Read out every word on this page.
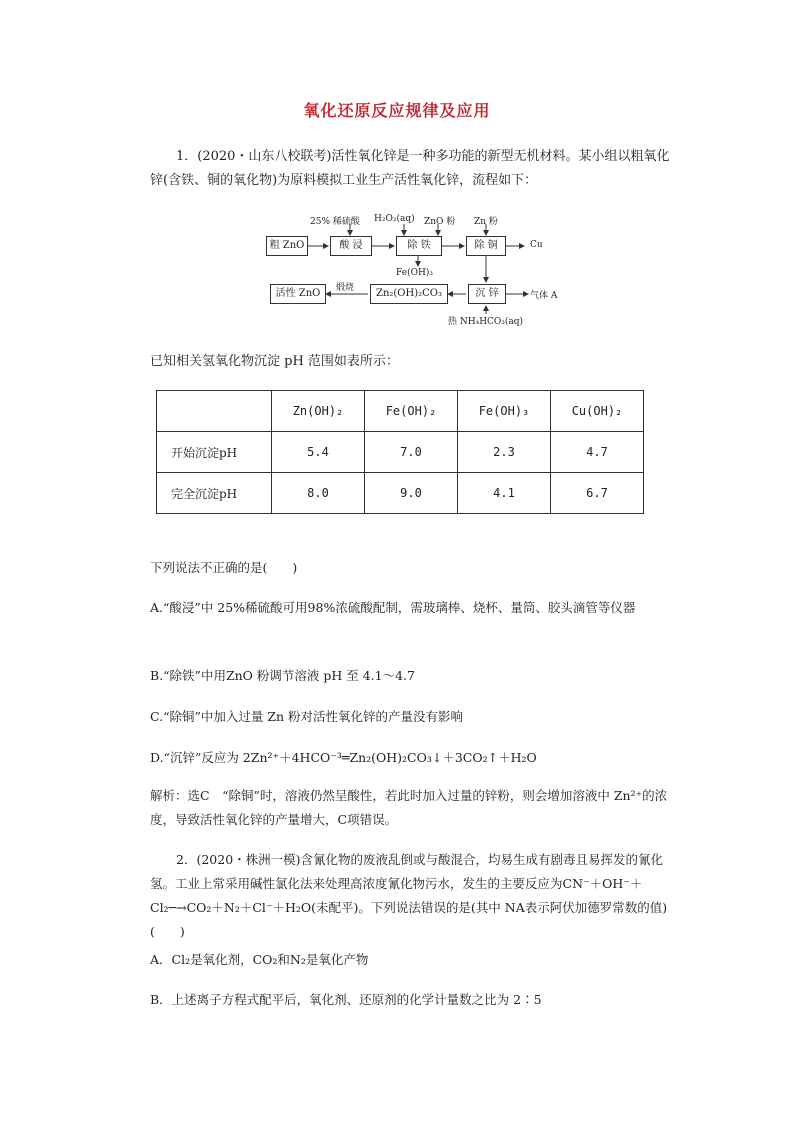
氧化还原反应规律及应用
1．(2020・山东八校联考)活性氧化锌是一种多功能的新型无机材料。某小组以粗氧化锌(含铁、铜的氧化物)为原料模拟工业生产活性氧化锌，流程如下：
25% 稀硫酸 H₂O₂(aq) ZnO 粉 Zn 粉
粗 ZnO	酸 浸	除 铁	除 铜	Cu
Fe(OH)₃
沉 锌
Zn₂(OH)₂CO₃
活性 ZnO	煅烧
气体 A
热 NH₄HCO₃(aq)
已知相关氢氧化物沉淀 pH 范围如表所示：
	Zn(OH)₂	Fe(OH)₂	Fe(OH)₃	Cu(OH)₂
开始沉淀pH	5.4	7.0	2.3	4.7
完全沉淀pH	8.0	9.0	4.1	6.7
下列说法不正确的是(　　)
A.“酸浸”中 25%稀硫酸可用98%浓硫酸配制，需玻璃棒、烧杯、量筒、胶头滴管等仪器
B.“除铁”中用ZnO 粉调节溶液 pH 至 4.1～4.7
C.“除铜”中加入过量 Zn 粉对活性氧化锌的产量没有影响
D.“沉锌”反应为 2Zn²⁺＋4HCO⁻³═Zn₂(OH)₂CO₃↓＋3CO₂↑＋H₂O
解析：选C　“除铜”时，溶液仍然呈酸性，若此时加入过量的锌粉，则会增加溶液中 Zn²⁺的浓度，导致活性氧化锌的产量增大，C项错误。
2．(2020・株洲一模)含氰化物的废液乱倒或与酸混合，均易生成有剧毒且易挥发的氰化氢。工业上常采用碱性氯化法来处理高浓度氰化物污水，发生的主要反应为CN⁻＋OH⁻＋Cl₂─→CO₂＋N₂＋Cl⁻＋H₂O(未配平)。下列说法错误的是(其中 NA表示阿伏加德罗常数的值)(　　)
A．Cl₂是氧化剂，CO₂和N₂是氧化产物
B．上述离子方程式配平后，氧化剂、还原剂的化学计量数之比为 2∶5
